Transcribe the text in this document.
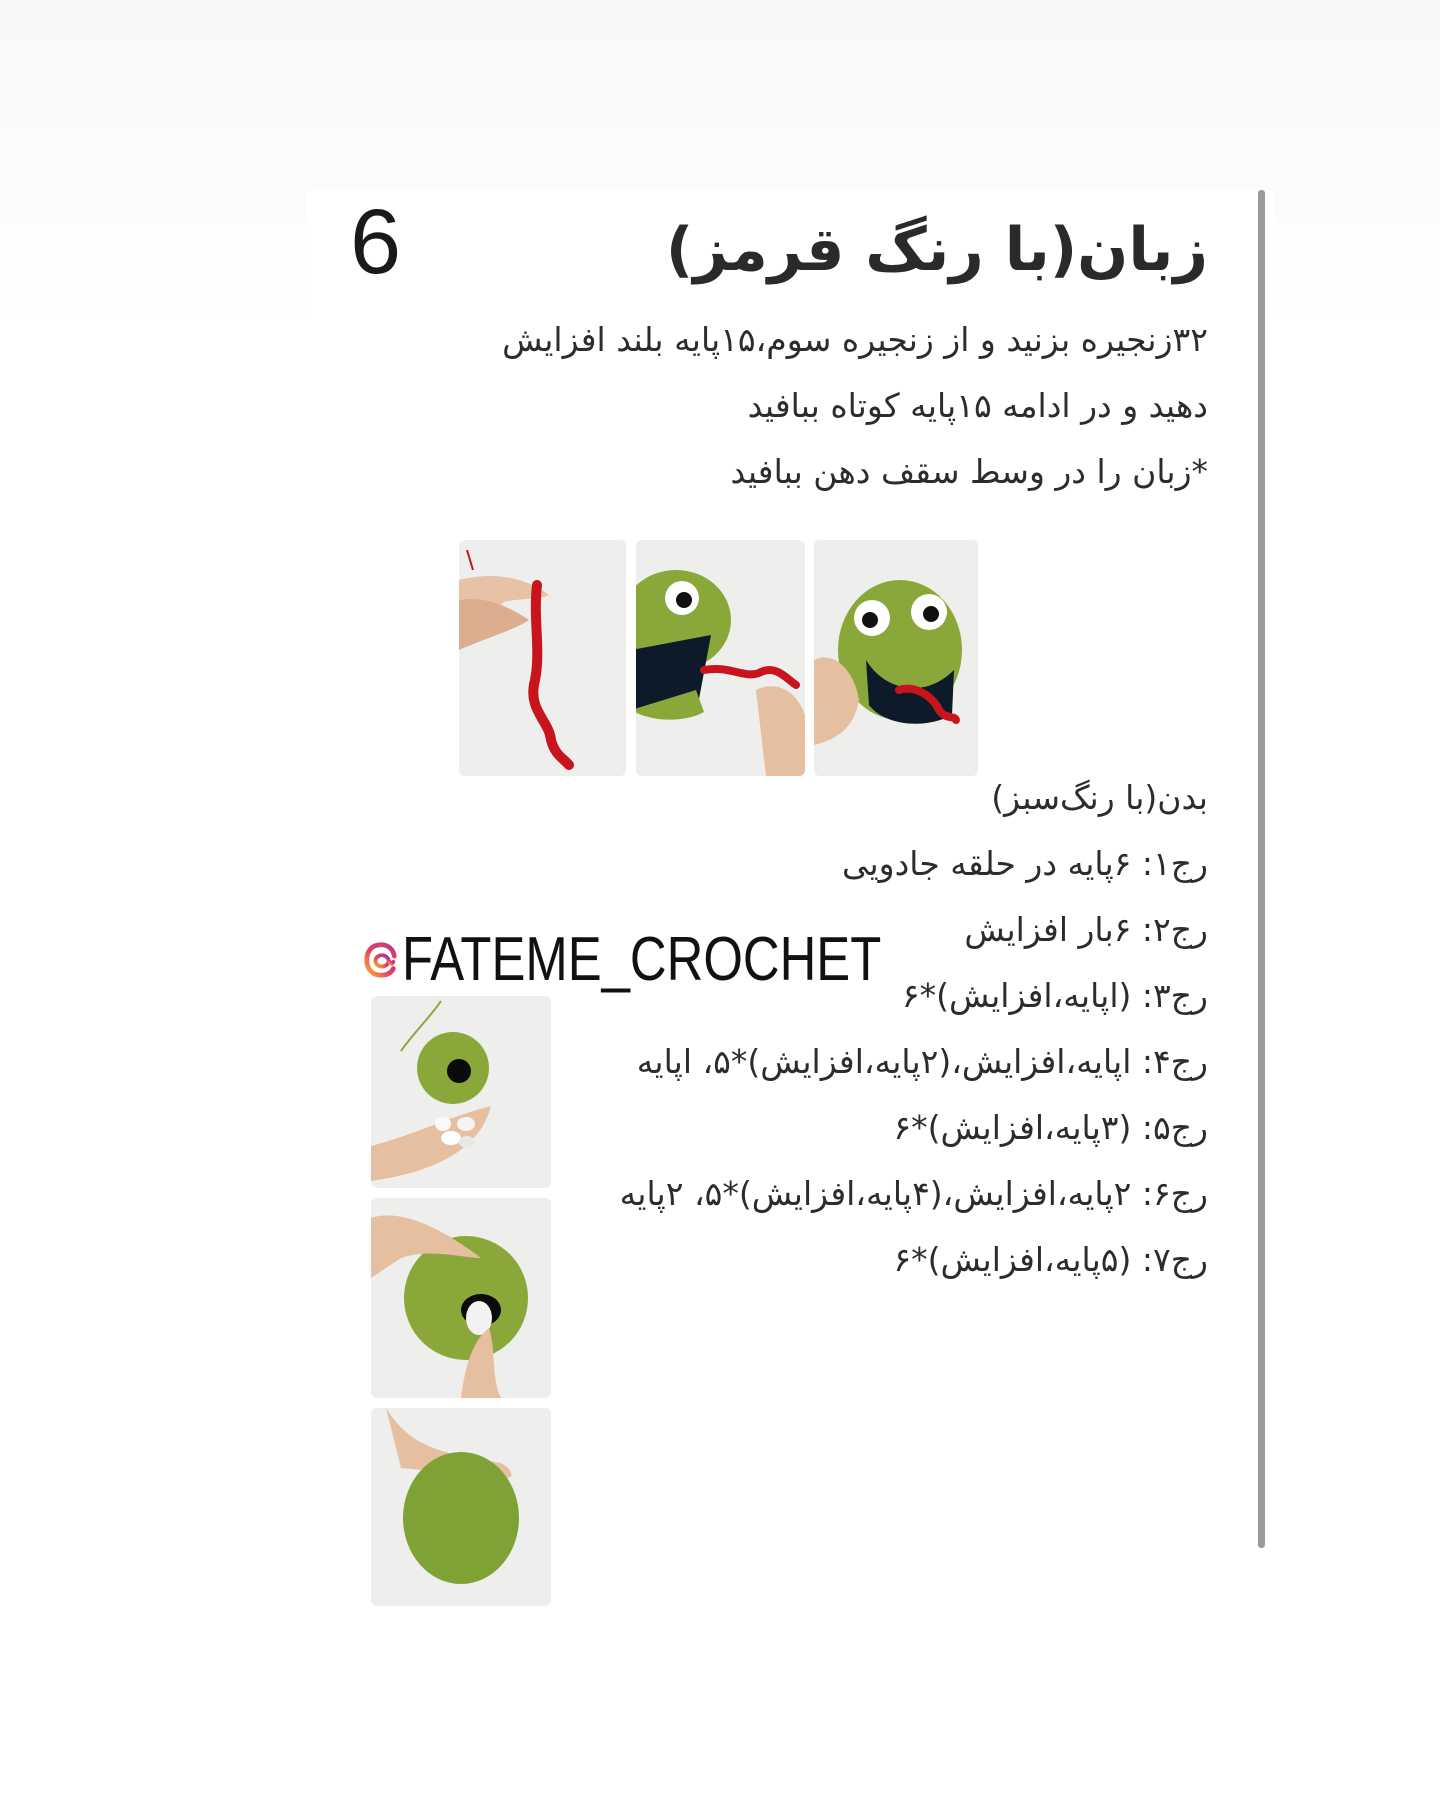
6	زبان(با رنگ قرمز)
۳۲زنجیره بزنید و از زنجیره سوم،۱۵پایه بلند افزایش
دهید و در ادامه ۱۵پایه کوتاه ببافید
*زبان را در وسط سقف دهن ببافید
بدن(با رنگ‌سبز)
رج۱: ۶پایه در حلقه جادویی
رج۲: ۶بار افزایش
رج۳: (اپایه،افزایش)*۶
رج۴: اپایه،افزایش،(۲پایه،افزایش)*۵، اپایه
رج۵: (۳پایه،افزایش)*۶
رج۶: ۲پایه،افزایش،(۴پایه،افزایش)*۵، ۲پایه
رج۷: (۵پایه،افزایش)*۶
FATEME_CROCHET
